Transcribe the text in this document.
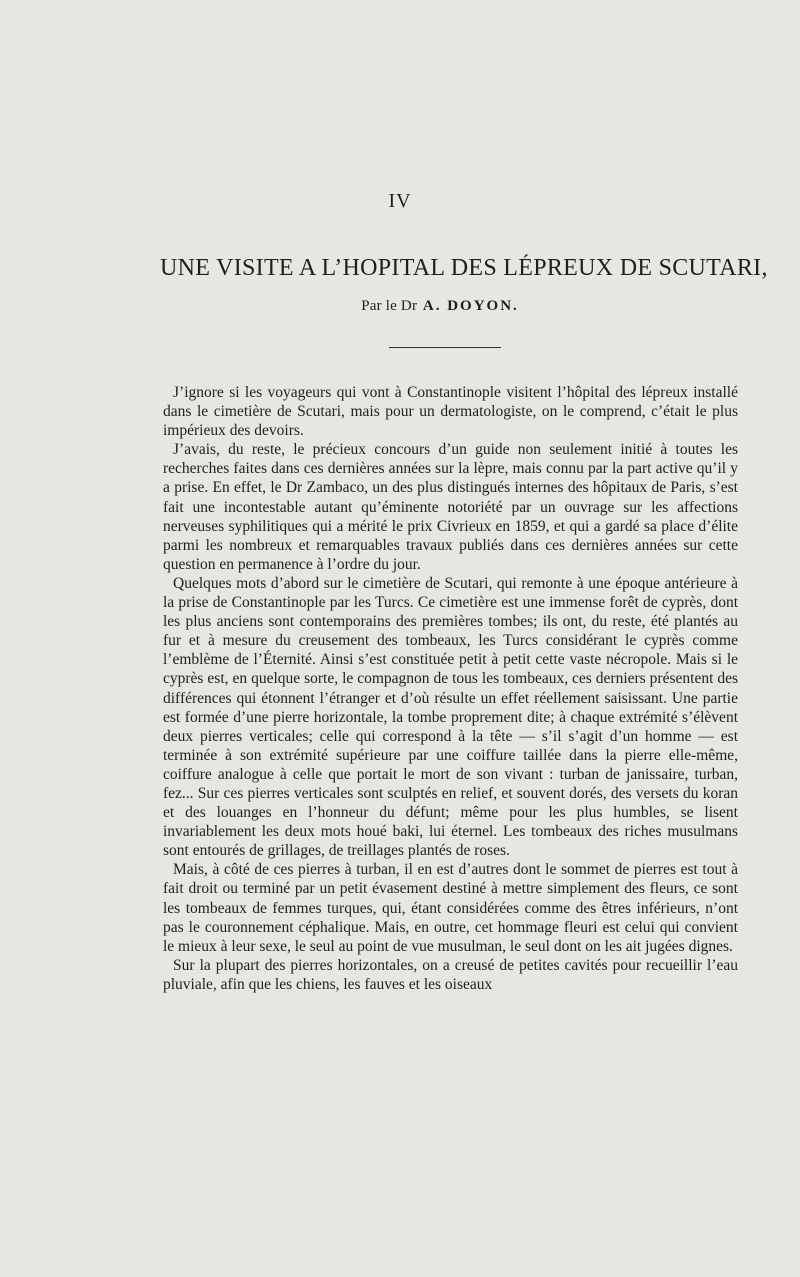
IV
UNE VISITE A L’HOPITAL DES LÉPREUX DE SCUTARI,
Par le Dr A. DOYON.

J’ignore si les voyageurs qui vont à Constantinople visitent l’hôpital des lépreux installé dans le cimetière de Scutari, mais pour un dermatologiste, on le comprend, c’était le plus impérieux des devoirs.

J’avais, du reste, le précieux concours d’un guide non seulement initié à toutes les recherches faites dans ces dernières années sur la lèpre, mais connu par la part active qu’il y a prise. En effet, le Dr Zambaco, un des plus distingués internes des hôpitaux de Paris, s’est fait une incontestable autant qu’éminente notoriété par un ouvrage sur les affections nerveuses syphilitiques qui a mérité le prix Civrieux en 1859, et qui a gardé sa place d’élite parmi les nombreux et remarquables travaux publiés dans ces dernières années sur cette question en permanence à l’ordre du jour.

Quelques mots d’abord sur le cimetière de Scutari, qui remonte à une époque antérieure à la prise de Constantinople par les Turcs. Ce cimetière est une immense forêt de cyprès, dont les plus anciens sont contemporains des premières tombes; ils ont, du reste, été plantés au fur et à mesure du creusement des tombeaux, les Turcs considérant le cyprès comme l’emblème de l’Éternité. Ainsi s’est constituée petit à petit cette vaste nécropole. Mais si le cyprès est, en quelque sorte, le compagnon de tous les tombeaux, ces derniers présentent des différences qui étonnent l’étranger et d’où résulte un effet réellement saisissant. Une partie est formée d’une pierre horizontale, la tombe proprement dite; à chaque extrémité s’élèvent deux pierres verticales; celle qui correspond à la tête — s’il s’agit d’un homme — est terminée à son extrémité supérieure par une coiffure taillée dans la pierre elle-même, coiffure analogue à celle que portait le mort de son vivant : turban de janissaire, turban, fez... Sur ces pierres verticales sont sculptés en relief, et souvent dorés, des versets du koran et des louanges en l’honneur du défunt; même pour les plus humbles, se lisent invariablement les deux mots houé baki, lui éternel. Les tombeaux des riches musulmans sont entourés de grillages, de treillages plantés de roses.

Mais, à côté de ces pierres à turban, il en est d’autres dont le sommet de pierres est tout à fait droit ou terminé par un petit évasement destiné à mettre simplement des fleurs, ce sont les tombeaux de femmes turques, qui, étant considérées comme des êtres inférieurs, n’ont pas le couronnement céphalique. Mais, en outre, cet hommage fleuri est celui qui convient le mieux à leur sexe, le seul au point de vue musulman, le seul dont on les ait jugées dignes.

Sur la plupart des pierres horizontales, on a creusé de petites cavités pour recueillir l’eau pluviale, afin que les chiens, les fauves et les oiseaux
